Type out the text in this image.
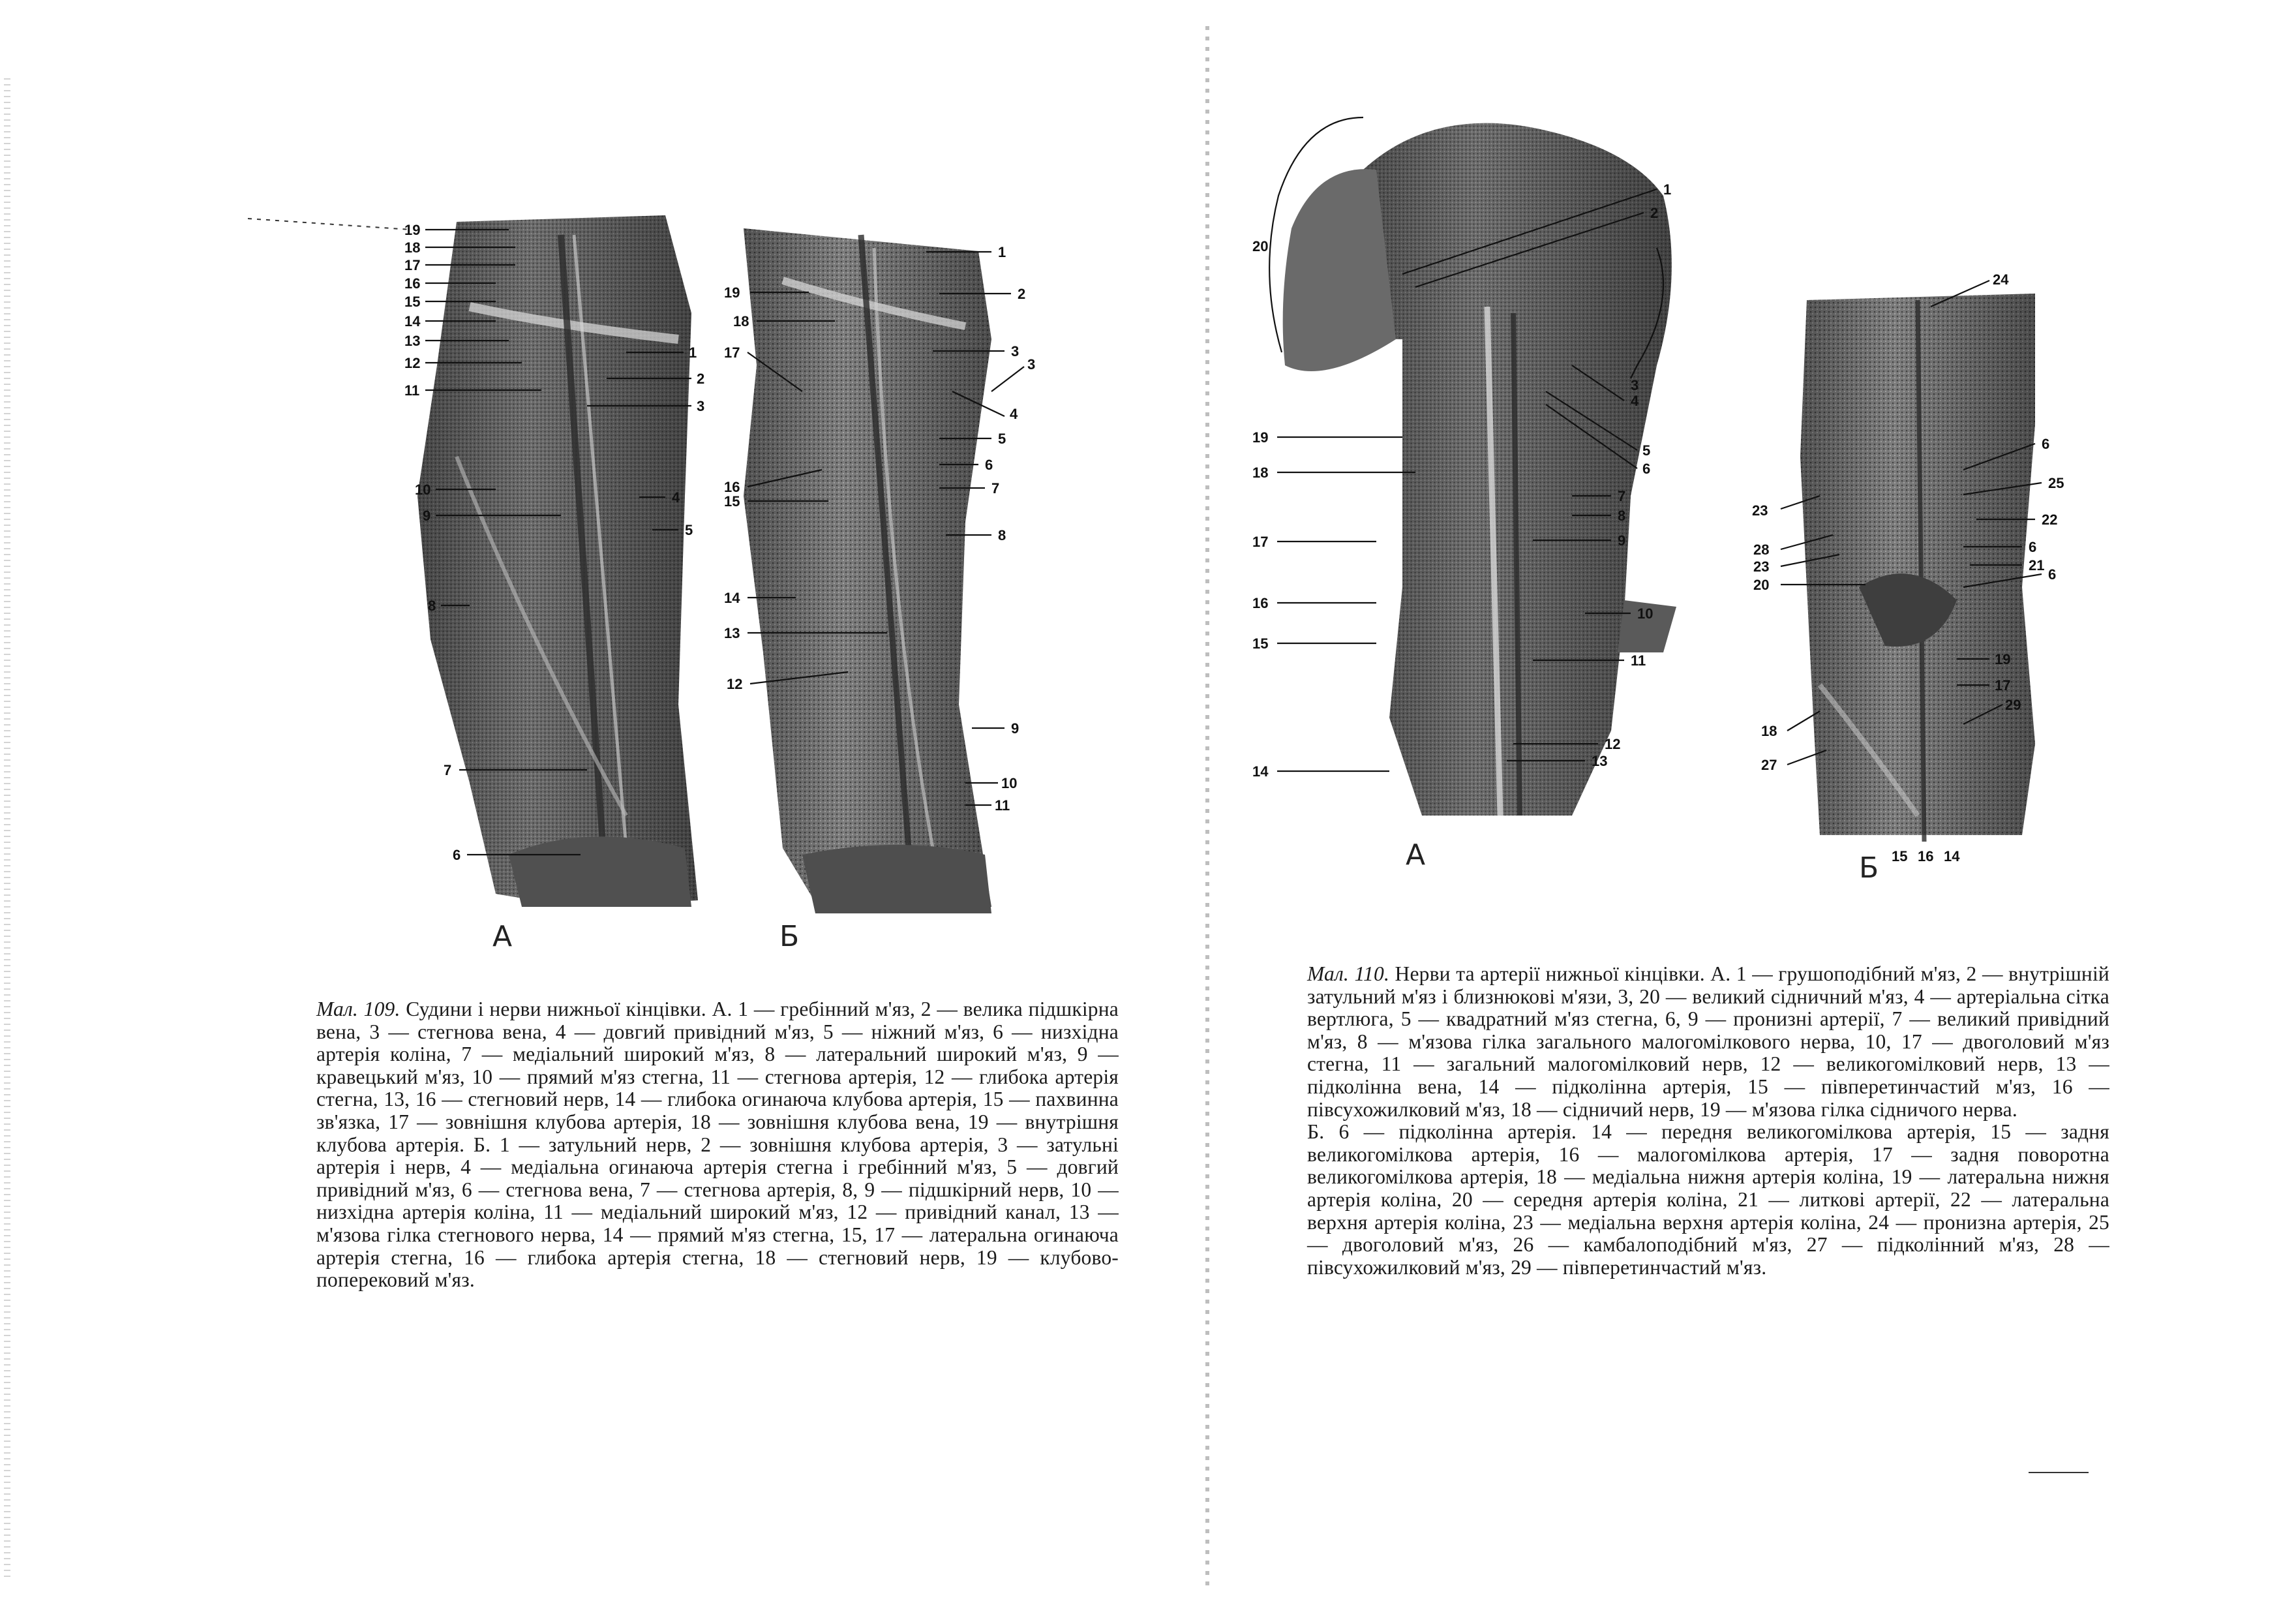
19
18
17
16
15
14
13
12
11
10
9
8
7
6
1
2
3
4
5
А
19
18
17
16
15
14
13
12
1
2
3
3
4
5
6
7
8
9
10
11
Б

Мал. 109. Судини і нерви нижньої кінцівки. А. 1 — гребінний м'яз, 2 — велика підшкірна вена, 3 — стегнова вена, 4 — довгий привідний м'яз, 5 — ніжний м'яз, 6 — низхідна артерія коліна, 7 — медіальний широкий м'яз, 8 — латеральний широкий м'яз, 9 — кравецький м'яз, 10 — прямий м'яз стегна, 11 — стегнова артерія, 12 — глибока артерія стегна, 13, 16 — стегновий нерв, 14 — глибока огинаюча клубова артерія, 15 — пахвинна зв'язка, 17 — зовнішня клубова артерія, 18 — зовнішня клубова вена, 19 — внутрішня клубова артерія. Б. 1 — затульний нерв, 2 — зовнішня клубова артерія, 3 — затульні артерія і нерв, 4 — медіальна огинаюча артерія стегна і гребінний м'яз, 5 — довгий привідний м'яз, 6 — стегнова вена, 7 — стегнова артерія, 8, 9 — підшкірний нерв, 10 — низхідна артерія коліна, 11 — медіальний широкий м'яз, 12 — привідний канал, 13 — м'язова гілка стегнового нерва, 14 — прямий м'яз стегна, 15, 17 — латеральна огинаюча артерія стегна, 16 — глибока артерія стегна, 18 — стегновий нерв, 19 — клубово-поперековий м'яз.

20
19
18
17
16
15
14
1
2
3
4
5
6
7
8
9
10
11
12
13
А
24
6
25
22
6
21
6
19
17
29
23
28
23
20
18
27
15 16 14
Б

Мал. 110. Нерви та артерії нижньої кінцівки. А. 1 — грушоподібний м'яз, 2 — внутрішній затульний м'яз і близнюкові м'язи, 3, 20 — великий сідничний м'яз, 4 — артеріальна сітка вертлюга, 5 — квадратний м'яз стегна, 6, 9 — пронизні артерії, 7 — великий привідний м'яз, 8 — м'язова гілка загального малогомілкового нерва, 10, 17 — двоголовий м'яз стегна, 11 — загальний малогомілковий нерв, 12 — великогомілковий нерв, 13 — підколінна вена, 14 — підколінна артерія, 15 — півперетинчастий м'яз, 16 — півсухожилковий м'яз, 18 — сідничий нерв, 19 — м'язова гілка сідничого нерва.

Б. 6 — підколінна артерія. 14 — передня великогомілкова артерія, 15 — задня великогомілкова артерія, 16 — малогомілкова артерія, 17 — задня поворотна великогомілкова артерія, 18 — медіальна нижня артерія коліна, 19 — латеральна нижня артерія коліна, 20 — середня артерія коліна, 21 — литкові артерії, 22 — латеральна верхня артерія коліна, 23 — медіальна верхня артерія коліна, 24 — пронизна артерія, 25 — двоголовий м'яз, 26 — камбалоподібний м'яз, 27 — підколінний м'яз, 28 — півсухожилковий м'яз, 29 — півперетинчастий м'яз.
